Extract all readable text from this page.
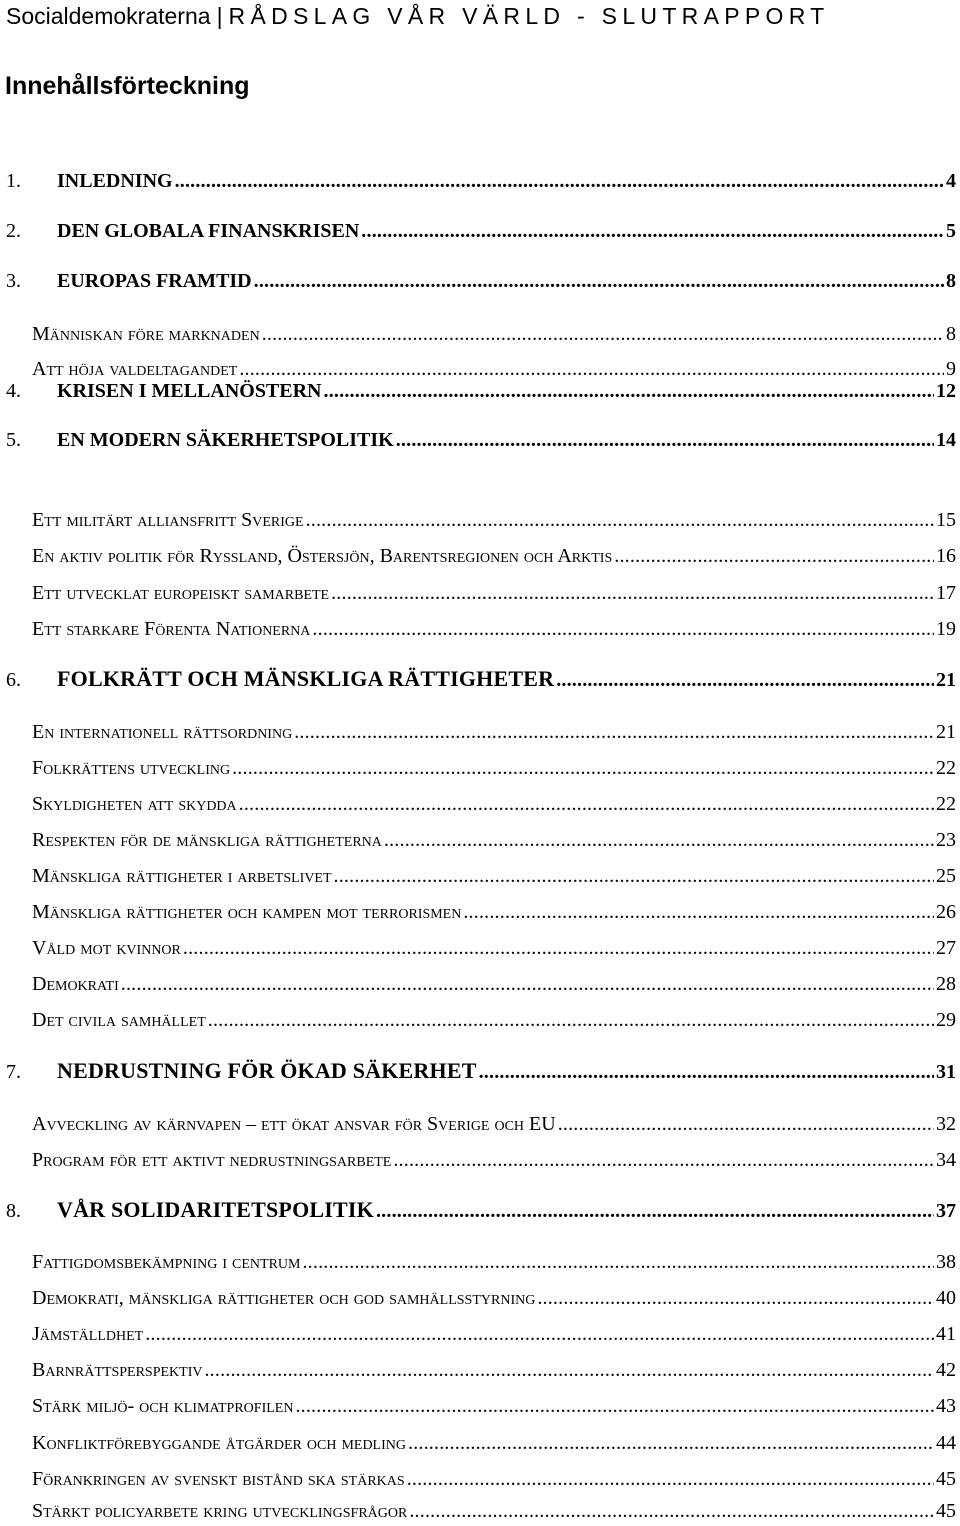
Socialdemokraterna | RÅDSLAG VÅR VÄRLD - SLUTRAPPORT
Innehållsförteckning
1. INLEDNING .....	4
2. DEN GLOBALA FINANSKRISEN .....	5
3. EUROPAS FRAMTID .....	8
Människan före marknaden .....	8
Att höja valdeltagandet .....	9
4. KRISEN I MELLANÖSTERN .....	12
5. EN MODERN SÄKERHETSPOLITIK .....	14
Ett militärt alliansfritt Sverige .....	15
En aktiv politik för Ryssland, Östersjön, Barentsregionen och Arktis .....	16
Ett utvecklat europeiskt samarbete .....	17
Ett starkare Förenta Nationerna .....	19
6. FOLKRÄTT OCH MÄNSKLIGA RÄTTIGHETER .....	21
En internationell rättsordning .....	21
Folkrättens utveckling .....	22
Skyldigheten att skydda .....	22
Respekten för de mänskliga rättigheterna .....	23
Mänskliga rättigheter i arbetslivet .....	25
Mänskliga rättigheter och kampen mot terrorismen .....	26
Våld mot kvinnor .....	27
Demokrati .....	28
Det civila samhället .....	29
7. NEDRUSTNING FÖR ÖKAD SÄKERHET .....	31
Avveckling av kärnvapen – ett ökat ansvar för Sverige och EU .....	32
Program för ett aktivt nedrustningsarbete .....	34
8. VÅR SOLIDARITETSPOLITIK .....	37
Fattigdomsbekämpning i centrum .....	38
Demokrati, mänskliga rättigheter och god samhällsstyrning .....	40
Jämställdhet .....	41
Barnrättsperspektiv .....	42
Stärk miljö- och klimatprofilen .....	43
Konfliktförebyggande åtgärder och medling .....	44
Förankringen av svenskt bistånd ska stärkas .....	45
Stärkt policyarbete kring utvecklingsfrågor .....	45
